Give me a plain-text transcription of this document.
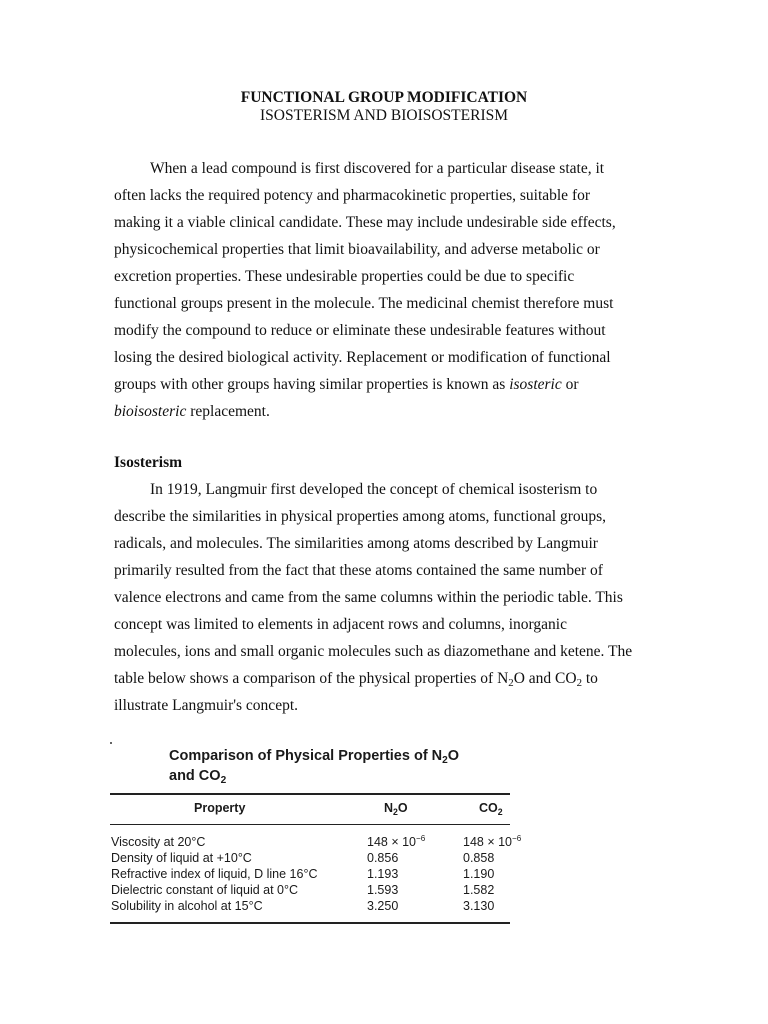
FUNCTIONAL GROUP MODIFICATION
ISOSTERISM AND BIOISOSTERISM

When a lead compound is first discovered for a particular disease state, it
often lacks the required potency and pharmacokinetic properties, suitable for
making it a viable clinical candidate. These may include undesirable side effects,
physicochemical properties that limit bioavailability, and adverse metabolic or
excretion properties. These undesirable properties could be due to specific
functional groups present in the molecule. The medicinal chemist therefore must
modify the compound to reduce or eliminate these undesirable features without
losing the desired biological activity. Replacement or modification of functional
groups with other groups having similar properties is known as isosteric or
bioisosteric replacement.

Isosterism

In 1919, Langmuir first developed the concept of chemical isosterism to
describe the similarities in physical properties among atoms, functional groups,
radicals, and molecules. The similarities among atoms described by Langmuir
primarily resulted from the fact that these atoms contained the same number of
valence electrons and came from the same columns within the periodic table. This
concept was limited to elements in adjacent rows and columns, inorganic
molecules, ions and small organic molecules such as diazomethane and ketene. The
table below shows a comparison of the physical properties of $N_2O$ and $CO_2$ to
illustrate Langmuir's concept.

Comparison of Physical Properties of $N_2O$
and $CO_2$
Property	$N_2O$	$CO_2$
Viscosity at 20°C	$148 \times 10^{-6}$	$148 \times 10^{-6}$
Density of liquid at +10°C	0.856	0.858
Refractive index of liquid, D line 16°C	1.193	1.190
Dielectric constant of liquid at 0°C	1.593	1.582
Solubility in alcohol at 15°C	3.250	3.130
